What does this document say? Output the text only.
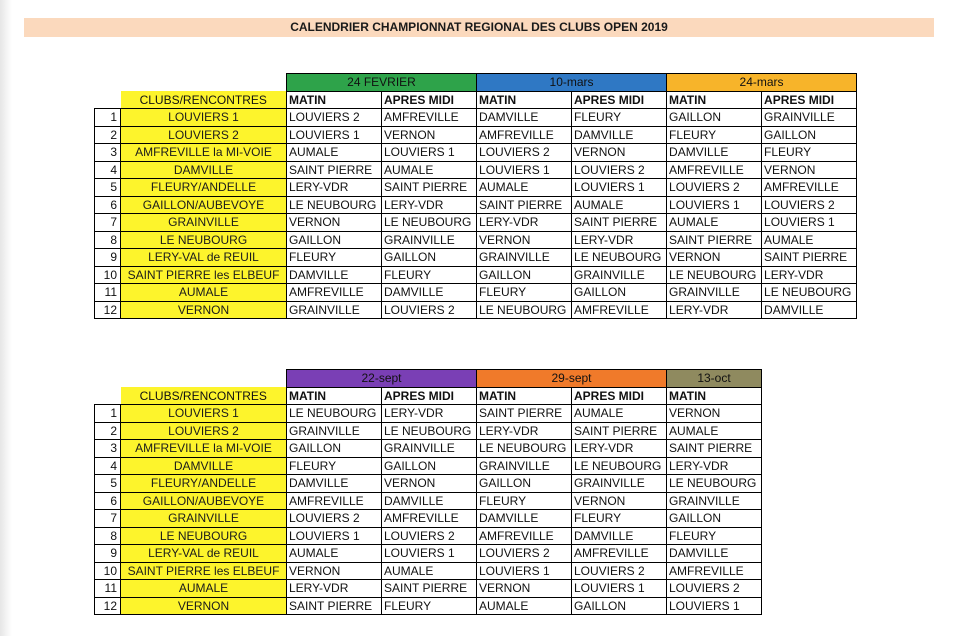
CALENDRIER CHAMPIONNAT REGIONAL DES CLUBS OPEN 2019
		24 FEVRIER		10-mars		24-mars	
	CLUBS/RENCONTRES	MATIN	APRES MIDI	MATIN	APRES MIDI	MATIN	APRES MIDI
1	LOUVIERS 1	LOUVIERS 2	AMFREVILLE	DAMVILLE	FLEURY	GAILLON	GRAINVILLE
2	LOUVIERS 2	LOUVIERS 1	VERNON	AMFREVILLE	DAMVILLE	FLEURY	GAILLON
3	AMFREVILLE la MI-VOIE	AUMALE	LOUVIERS 1	LOUVIERS 2	VERNON	DAMVILLE	FLEURY
4	DAMVILLE	SAINT PIERRE	AUMALE	LOUVIERS 1	LOUVIERS 2	AMFREVILLE	VERNON
5	FLEURY/ANDELLE	LERY-VDR	SAINT PIERRE	AUMALE	LOUVIERS 1	LOUVIERS 2	AMFREVILLE
6	GAILLON/AUBEVOYE	LE NEUBOURG	LERY-VDR	SAINT PIERRE	AUMALE	LOUVIERS 1	LOUVIERS 2
7	GRAINVILLE	VERNON	LE NEUBOURG	LERY-VDR	SAINT PIERRE	AUMALE	LOUVIERS 1
8	LE NEUBOURG	GAILLON	GRAINVILLE	VERNON	LERY-VDR	SAINT PIERRE	AUMALE
9	LERY-VAL de REUIL	FLEURY	GAILLON	GRAINVILLE	LE NEUBOURG	VERNON	SAINT PIERRE
10	SAINT PIERRE les ELBEUF	DAMVILLE	FLEURY	GAILLON	GRAINVILLE	LE NEUBOURG	LERY-VDR
11	AUMALE	AMFREVILLE	DAMVILLE	FLEURY	GAILLON	GRAINVILLE	LE NEUBOURG
12	VERNON	GRAINVILLE	LOUVIERS 2	LE NEUBOURG	AMFREVILLE	LERY-VDR	DAMVILLE
		22-sept		29-sept		13-oct
	CLUBS/RENCONTRES	MATIN	APRES MIDI	MATIN	APRES MIDI	MATIN
1	LOUVIERS 1	LE NEUBOURG	LERY-VDR	SAINT PIERRE	AUMALE	VERNON
2	LOUVIERS 2	GRAINVILLE	LE NEUBOURG	LERY-VDR	SAINT PIERRE	AUMALE
3	AMFREVILLE la MI-VOIE	GAILLON	GRAINVILLE	LE NEUBOURG	LERY-VDR	SAINT PIERRE
4	DAMVILLE	FLEURY	GAILLON	GRAINVILLE	LE NEUBOURG	LERY-VDR
5	FLEURY/ANDELLE	DAMVILLE	VERNON	GAILLON	GRAINVILLE	LE NEUBOURG
6	GAILLON/AUBEVOYE	AMFREVILLE	DAMVILLE	FLEURY	VERNON	GRAINVILLE
7	GRAINVILLE	LOUVIERS 2	AMFREVILLE	DAMVILLE	FLEURY	GAILLON
8	LE NEUBOURG	LOUVIERS 1	LOUVIERS 2	AMFREVILLE	DAMVILLE	FLEURY
9	LERY-VAL de REUIL	AUMALE	LOUVIERS 1	LOUVIERS 2	AMFREVILLE	DAMVILLE
10	SAINT PIERRE les ELBEUF	VERNON	AUMALE	LOUVIERS 1	LOUVIERS 2	AMFREVILLE
11	AUMALE	LERY-VDR	SAINT PIERRE	VERNON	LOUVIERS 1	LOUVIERS 2
12	VERNON	SAINT PIERRE	FLEURY	AUMALE	GAILLON	LOUVIERS 1
